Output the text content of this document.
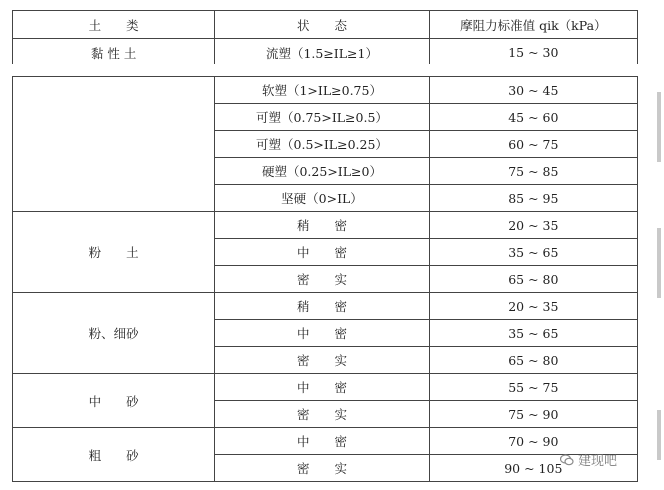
土　　类	状　　态	摩阻力标准值 qik（kPa）
黏 性 土	流塑（1.5≥IL≥1）	15 ~ 30
	软塑（1>IL≥0.75）	30 ~ 45
	可塑（0.75>IL≥0.5）	45 ~ 60
	可塑（0.5>IL≥0.25）	60 ~ 75
	硬塑（0.25>IL≥0）	75 ~ 85
	坚硬（0>IL）	85 ~ 95
粉　　土	稍　　密	20 ~ 35
	中　　密	35 ~ 65
	密　　实	65 ~ 80
粉、细砂	稍　　密	20 ~ 35
	中　　密	35 ~ 65
	密　　实	65 ~ 80
中　　砂	中　　密	55 ~ 75
	密　　实	75 ~ 90
粗　　砂	中　　密	70 ~ 90
	密　　实	90 ~ 105 建现吧
